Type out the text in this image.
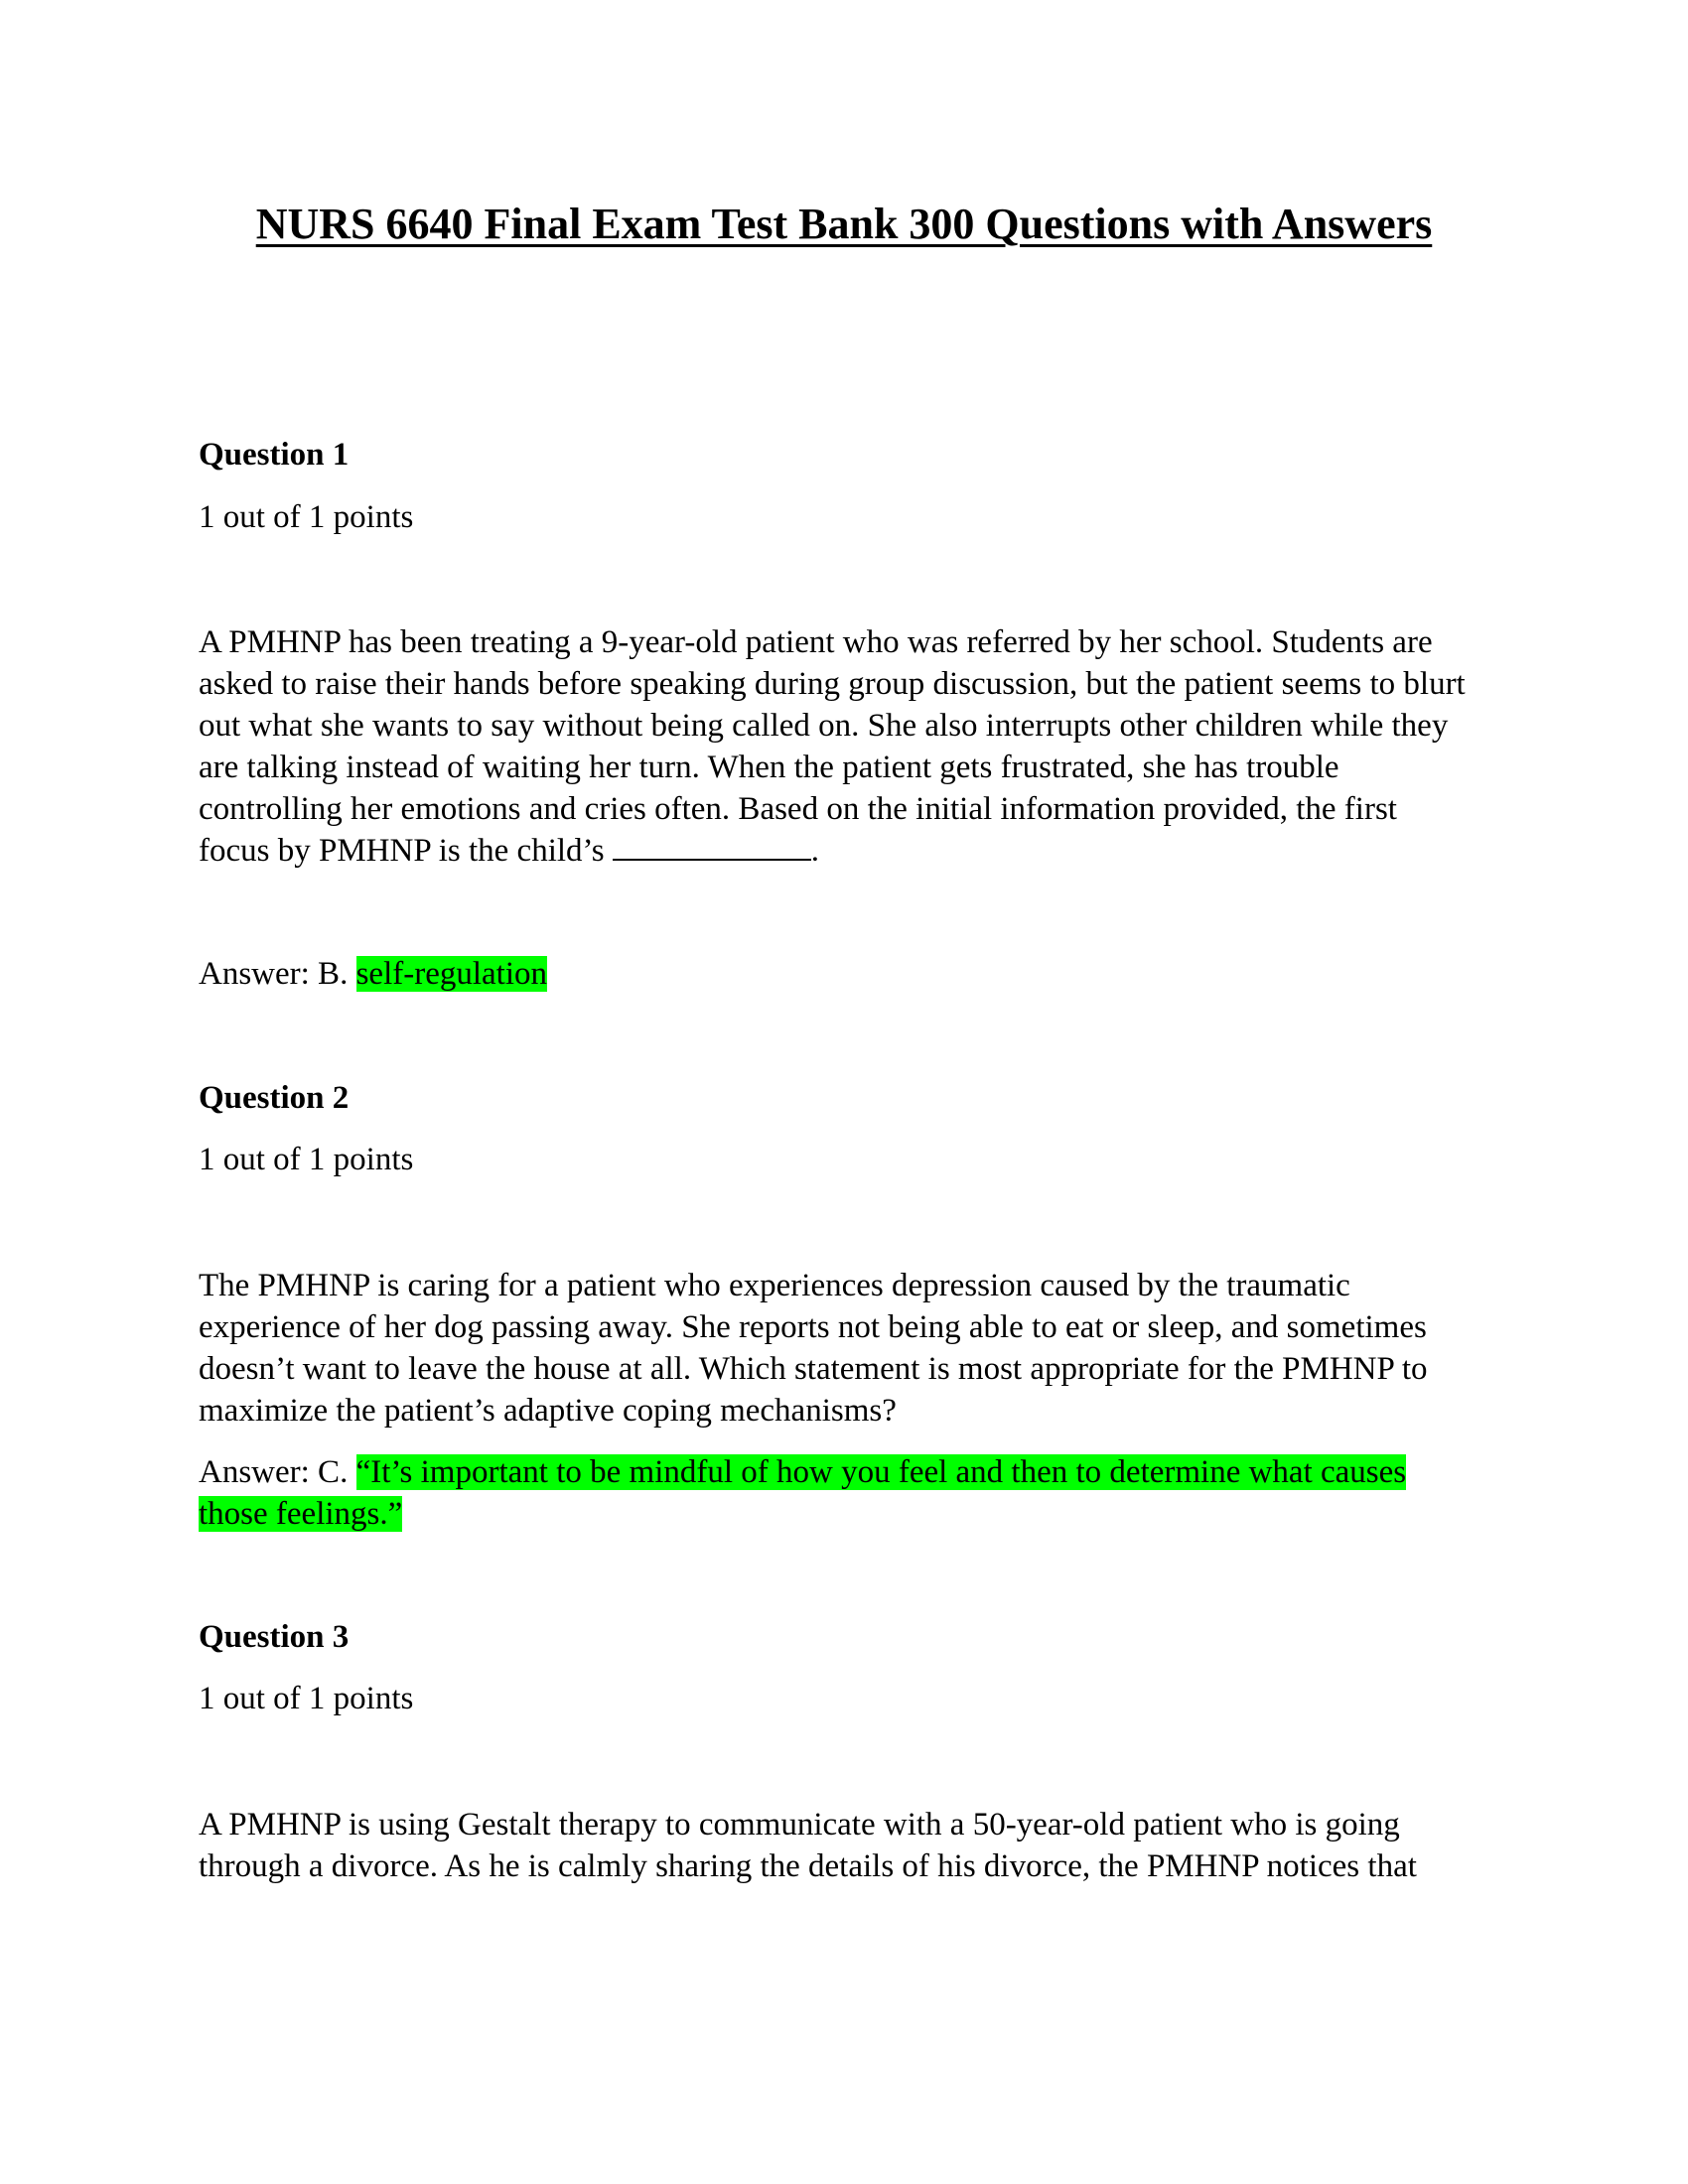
NURS 6640 Final Exam Test Bank 300 Questions with Answers
Question 1
1 out of 1 points
A PMHNP has been treating a 9-year-old patient who was referred by her school. Students are
asked to raise their hands before speaking during group discussion, but the patient seems to blurt
out what she wants to say without being called on. She also interrupts other children while they
are talking instead of waiting her turn. When the patient gets frustrated, she has trouble
controlling her emotions and cries often. Based on the initial information provided, the first
focus by PMHNP is the child’s	.
Answer: B. self-regulation
Question 2
1 out of 1 points
The PMHNP is caring for a patient who experiences depression caused by the traumatic
experience of her dog passing away. She reports not being able to eat or sleep, and sometimes
doesn’t want to leave the house at all. Which statement is most appropriate for the PMHNP to
maximize the patient’s adaptive coping mechanisms?
Answer: C. “It’s important to be mindful of how you feel and then to determine what causes
those feelings.”
Question 3
1 out of 1 points
A PMHNP is using Gestalt therapy to communicate with a 50-year-old patient who is going
through a divorce. As he is calmly sharing the details of his divorce, the PMHNP notices that
